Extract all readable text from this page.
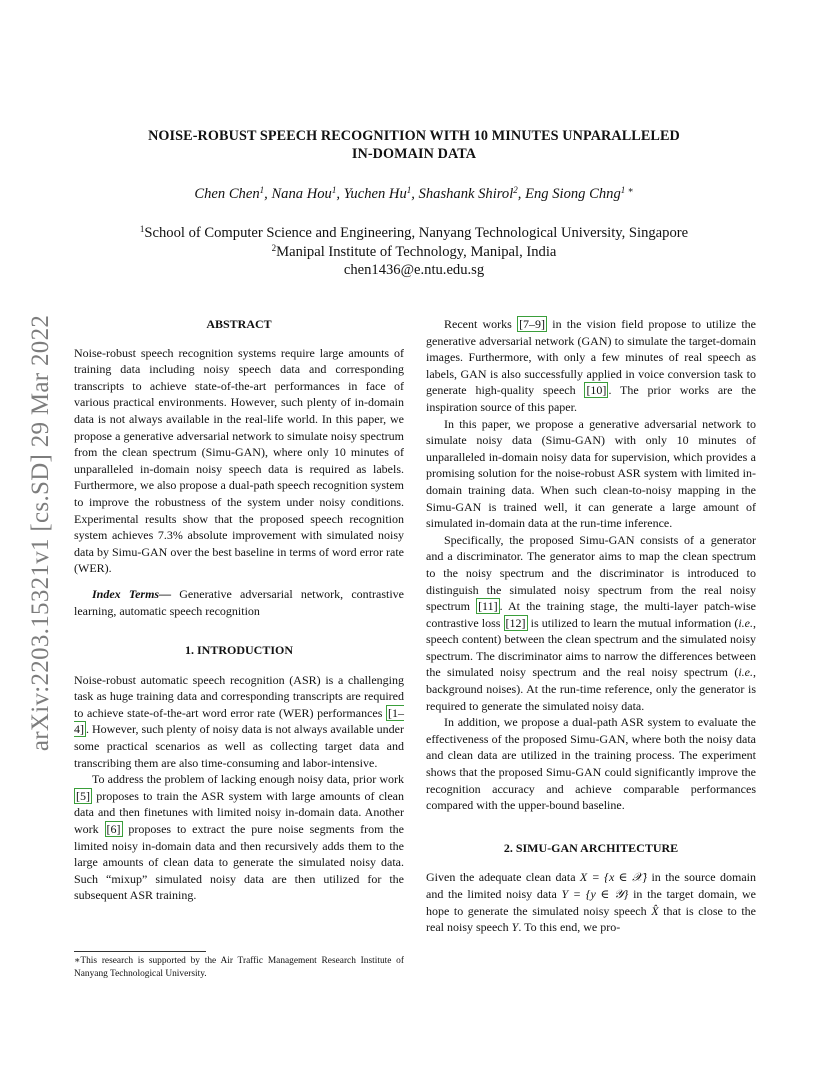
arXiv:2203.15321v1 [cs.SD] 29 Mar 2022
NOISE-ROBUST SPEECH RECOGNITION WITH 10 MINUTES UNPARALLELED
IN-DOMAIN DATA
Chen Chen$^1$, Nana Hou$^1$, Yuchen Hu$^1$, Shashank Shirol$^2$, Eng Siong Chng$^{1 ∗}$
$^1$School of Computer Science and Engineering, Nanyang Technological University, Singapore
$^2$Manipal Institute of Technology, Manipal, India
chen1436@e.ntu.edu.sg

ABSTRACT

Noise-robust speech recognition systems require large amounts of training data including noisy speech data and corresponding transcripts to achieve state-of-the-art performances in face of various practical environments. However, such plenty of in-domain data is not always available in the real-life world. In this paper, we propose a generative adversarial network to simulate noisy spectrum from the clean spectrum (Simu-GAN), where only 10 minutes of unparalleled in-domain noisy speech data is required as labels. Furthermore, we also propose a dual-path speech recognition system to improve the robustness of the system under noisy conditions. Experimental results show that the proposed speech recognition system achieves 7.3% absolute improvement with simulated noisy data by Simu-GAN over the best baseline in terms of word error rate (WER).

Index Terms— Generative adversarial network, contrastive learning, automatic speech recognition

1. INTRODUCTION

Noise-robust automatic speech recognition (ASR) is a challenging task as huge training data and corresponding transcripts are required to achieve state-of-the-art word error rate (WER) performances [1–4] . However, such plenty of noisy data is not always available under some practical scenarios as well as collecting target data and transcribing them are also time-consuming and labor-intensive.

To address the problem of lacking enough noisy data, prior work [5] proposes to train the ASR system with large amounts of clean data and then finetunes with limited noisy in-domain data. Another work [6] proposes to extract the pure noise segments from the limited noisy in-domain data and then recursively adds them to the large amounts of clean data to generate the simulated noisy data. Such “mixup” simulated noisy data are then utilized for the subsequent ASR training.

∗This research is supported by the Air Traffic Management Research Institute of Nanyang Technological University.

Recent works [7–9] in the vision field propose to utilize the generative adversarial network (GAN) to simulate the target-domain images. Furthermore, with only a few minutes of real speech as labels, GAN is also successfully applied in voice conversion task to generate high-quality speech [10] . The prior works are the inspiration source of this paper.

In this paper, we propose a generative adversarial network to simulate noisy data (Simu-GAN) with only 10 minutes of unparalleled in-domain noisy data for supervision, which provides a promising solution for the noise-robust ASR system with limited in-domain training data. When such clean-to-noisy mapping in the Simu-GAN is trained well, it can generate a large amount of simulated in-domain data at the run-time inference.

Specifically, the proposed Simu-GAN consists of a generator and a discriminator. The generator aims to map the clean spectrum to the noisy spectrum and the discriminator is introduced to distinguish the simulated noisy spectrum from the real noisy spectrum [11] . At the training stage, the multi-layer patch-wise contrastive loss [12] is utilized to learn the mutual information (i.e., speech content) between the clean spectrum and the simulated noisy spectrum. The discriminator aims to narrow the differences between the simulated noisy spectrum and the real noisy spectrum (i.e., background noises). At the run-time reference, only the generator is required to generate the simulated noisy data.

In addition, we propose a dual-path ASR system to evaluate the effectiveness of the proposed Simu-GAN, where both the noisy data and clean data are utilized in the training process. The experiment shows that the proposed Simu-GAN could significantly improve the recognition accuracy and achieve comparable performances compared with the upper-bound baseline.

2. SIMU-GAN ARCHITECTURE

Given the adequate clean data X = {x ∈ 𝒳} in the source domain and the limited noisy data Y = {y ∈ 𝒴} in the target domain, we hope to generate the simulated noisy speech X̂ that is close to the real noisy speech Y. To this end, we pro-
